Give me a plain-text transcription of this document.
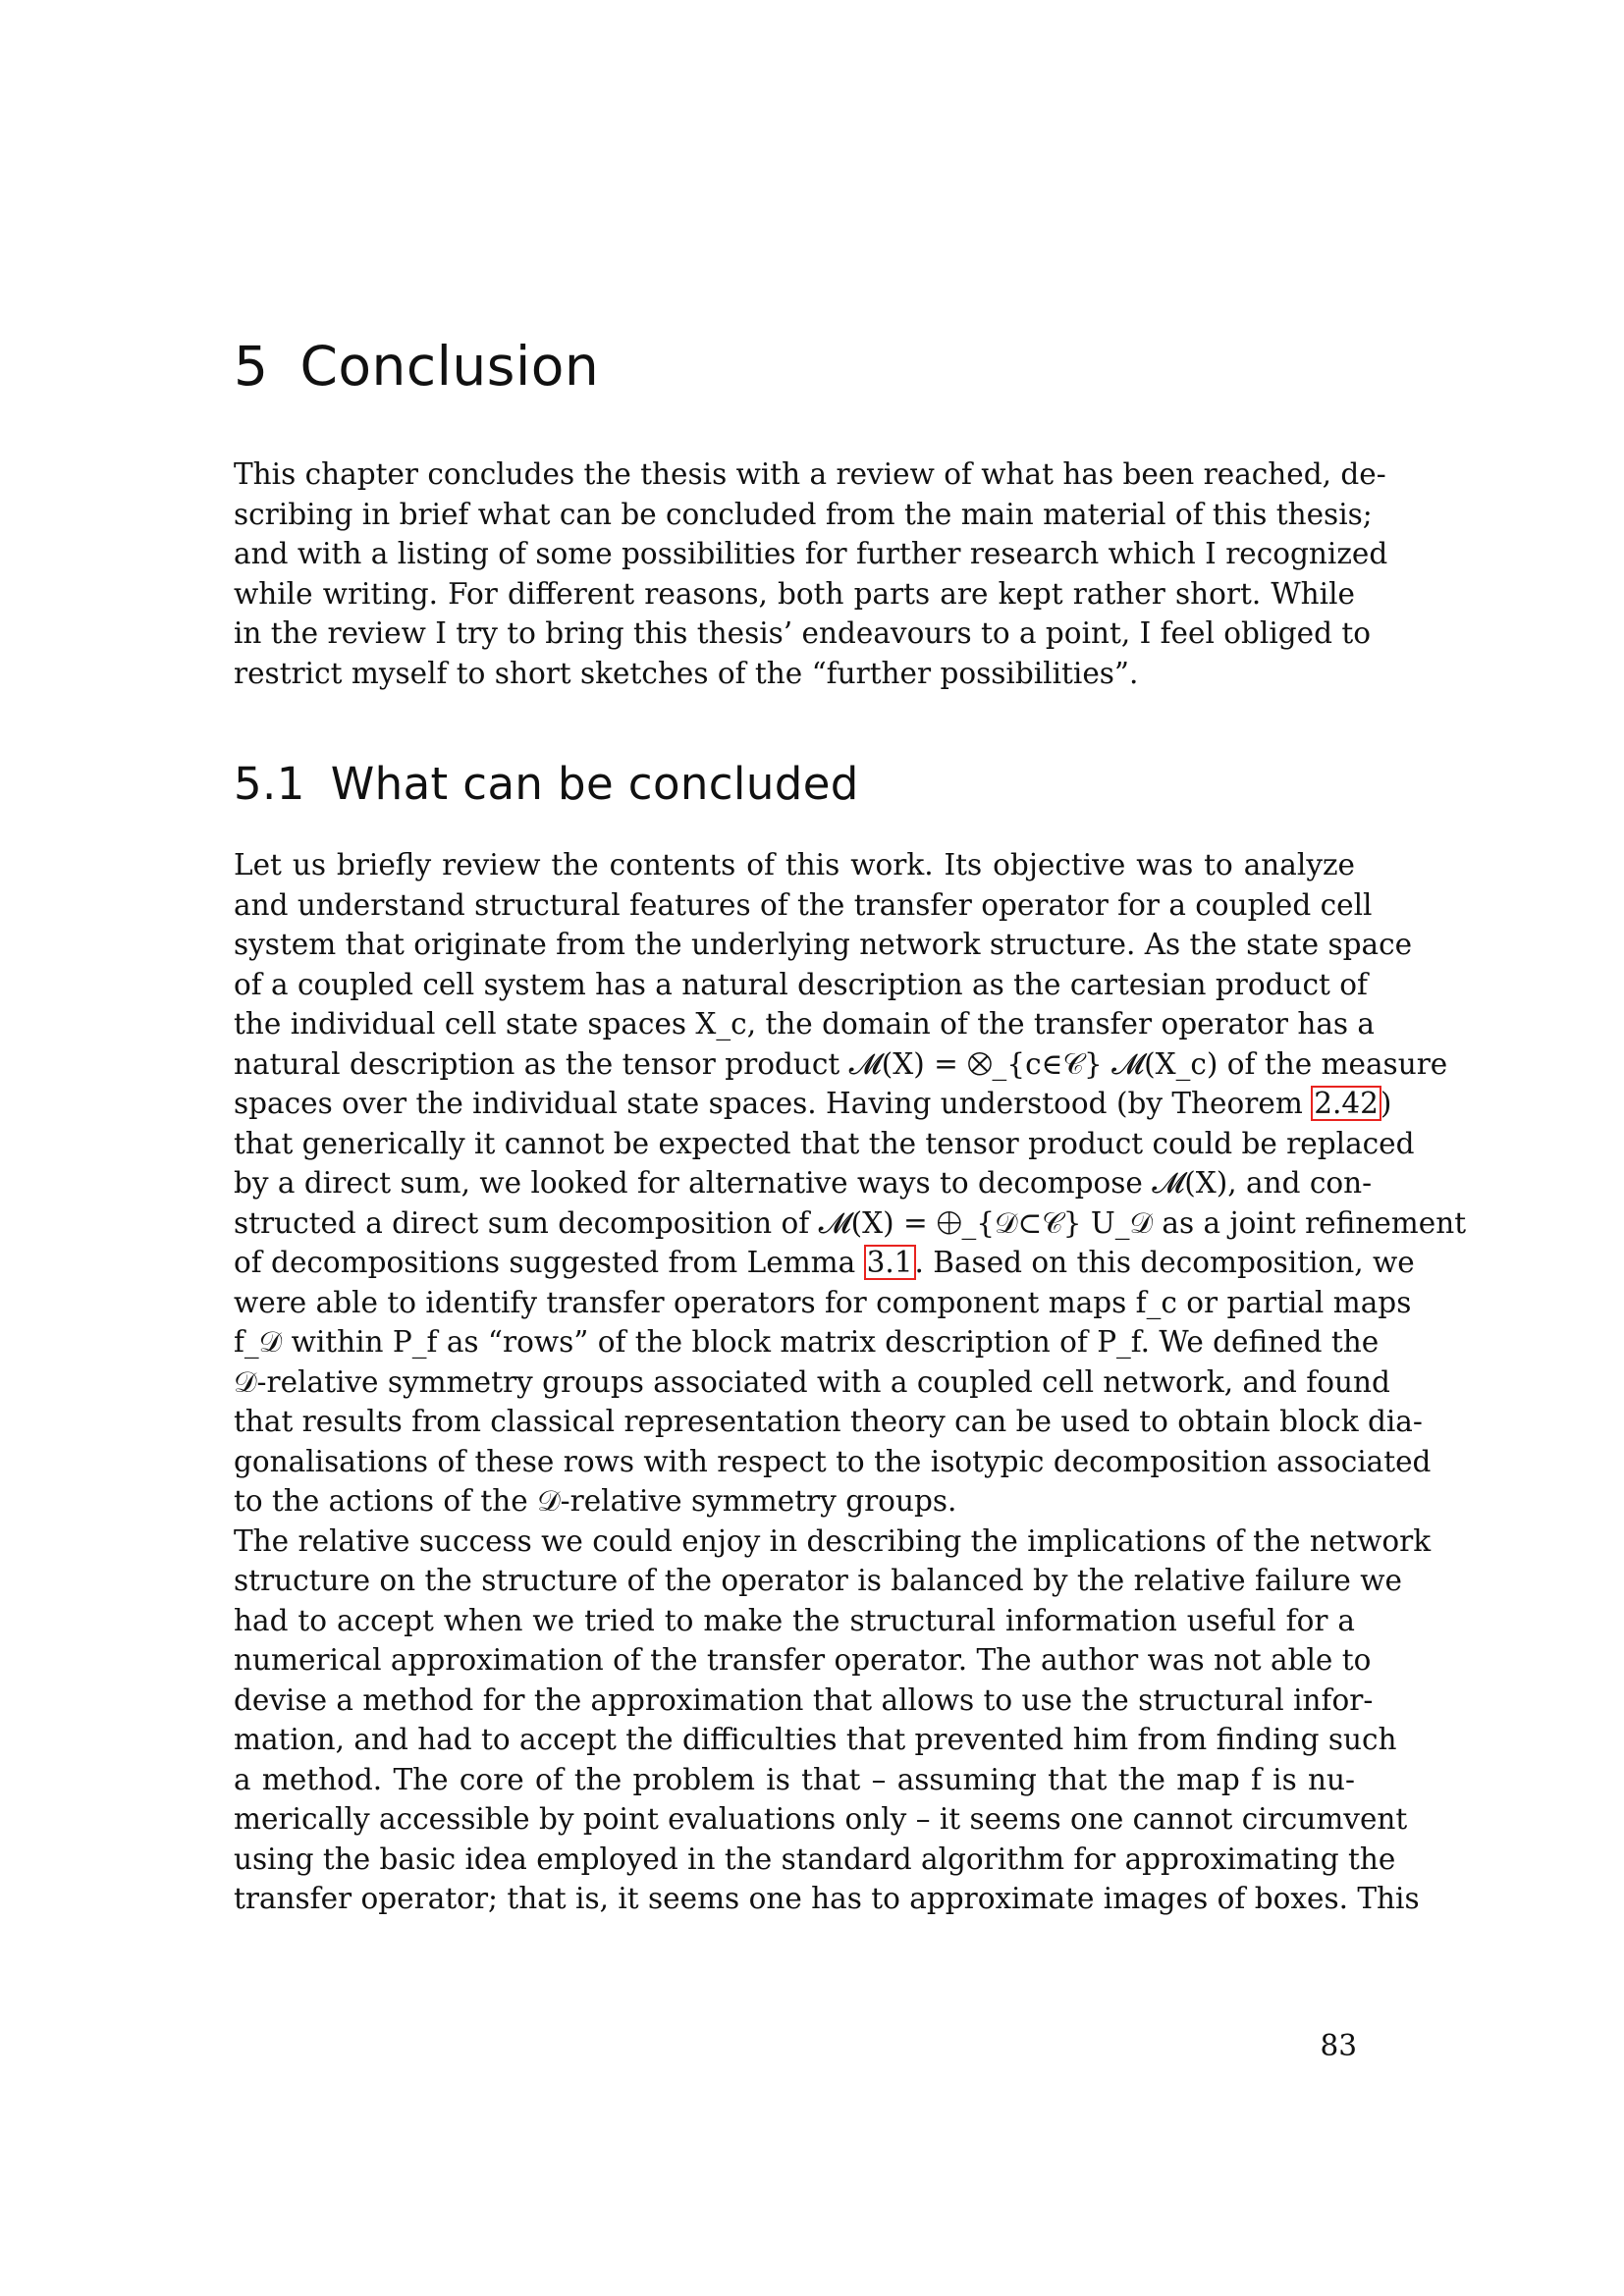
5 Conclusion
This chapter concludes the thesis with a review of what has been reached, de-
scribing in brief what can be concluded from the main material of this thesis;
and with a listing of some possibilities for further research which I recognized
while writing. For different reasons, both parts are kept rather short. While
in the review I try to bring this thesis’ endeavours to a point, I feel obliged to
restrict myself to short sketches of the “further possibilities”.
5.1 What can be concluded
Let us briefly review the contents of this work. Its objective was to analyze
and understand structural features of the transfer operator for a coupled cell
system that originate from the underlying network structure. As the state space
of a coupled cell system has a natural description as the cartesian product of
the individual cell state spaces X_c, the domain of the transfer operator has a
natural description as the tensor product 𝓜(X) = ⨂_{c∈𝒞} 𝓜(X_c) of the measure
spaces over the individual state spaces. Having understood (by Theorem 2.42)
that generically it cannot be expected that the tensor product could be replaced
by a direct sum, we looked for alternative ways to decompose 𝓜(X), and con-
structed a direct sum decomposition of 𝓜(X) = ⨁_{𝒟⊂𝒞} U_𝒟 as a joint refinement
of decompositions suggested from Lemma 3.1. Based on this decomposition, we
were able to identify transfer operators for component maps f_c or partial maps
f_𝒟 within P_f as “rows” of the block matrix description of P_f. We defined the
𝒟-relative symmetry groups associated with a coupled cell network, and found
that results from classical representation theory can be used to obtain block dia-
gonalisations of these rows with respect to the isotypic decomposition associated
to the actions of the 𝒟-relative symmetry groups.
The relative success we could enjoy in describing the implications of the network
structure on the structure of the operator is balanced by the relative failure we
had to accept when we tried to make the structural information useful for a
numerical approximation of the transfer operator. The author was not able to
devise a method for the approximation that allows to use the structural infor-
mation, and had to accept the difficulties that prevented him from finding such
a method. The core of the problem is that – assuming that the map f is nu-
merically accessible by point evaluations only – it seems one cannot circumvent
using the basic idea employed in the standard algorithm for approximating the
transfer operator; that is, it seems one has to approximate images of boxes. This
83
